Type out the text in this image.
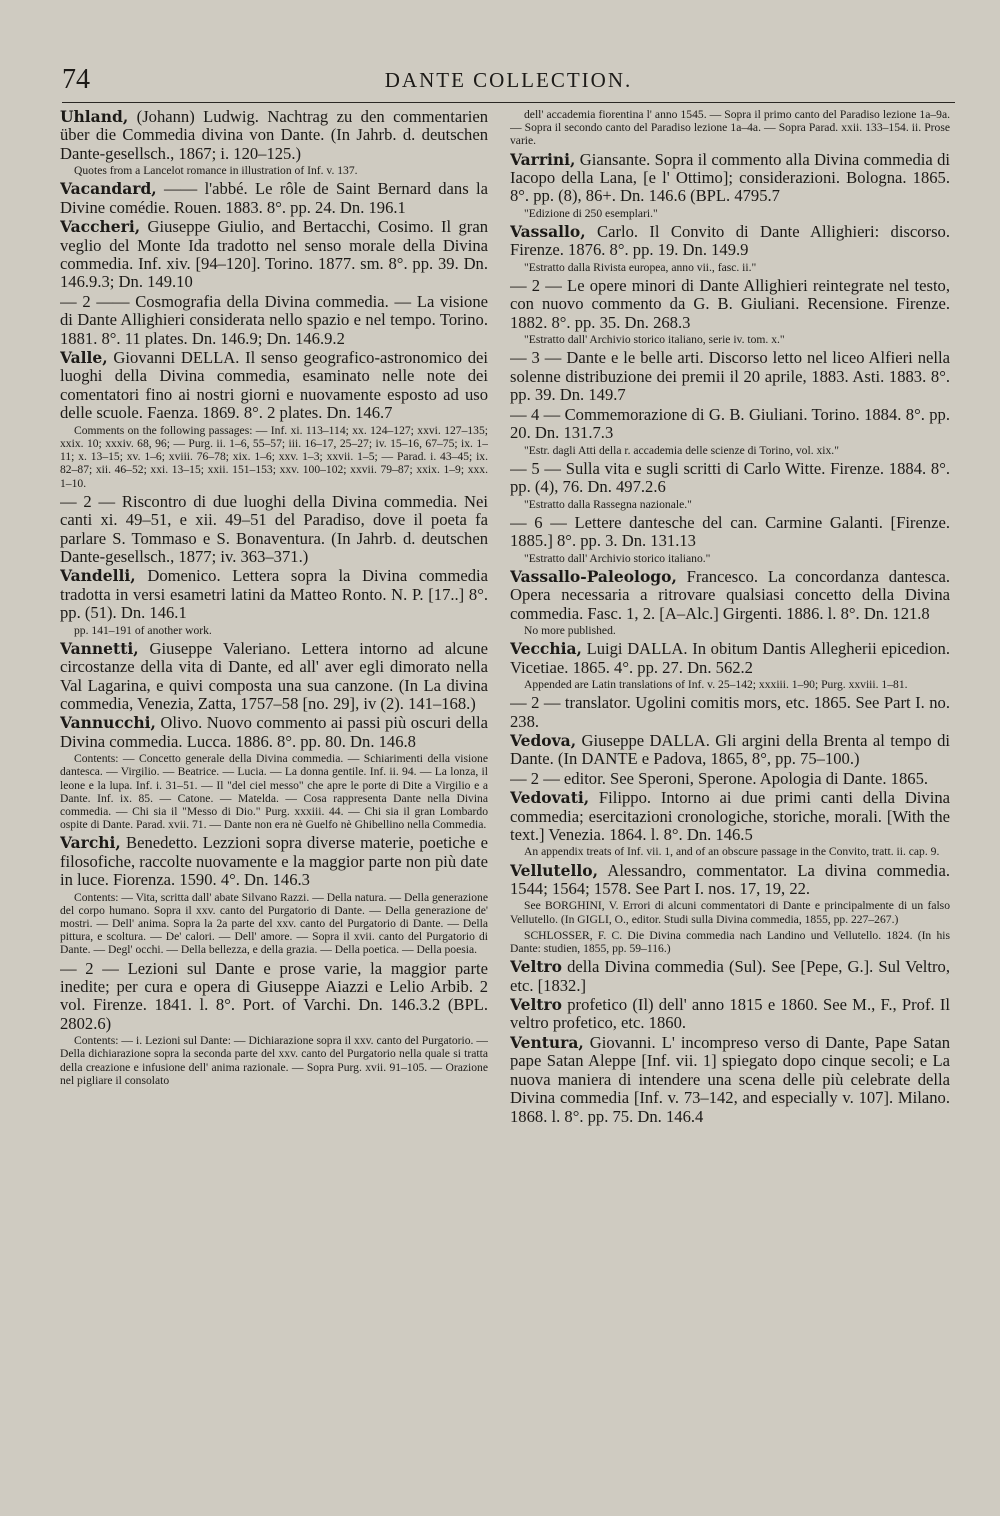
74	DANTE COLLECTION.

Uhland, (Johann) Ludwig. Nachtrag zu den commentarien über die Commedia divina von Dante. (In Jahrb. d. deutschen Dante-gesellsch., 1867; i. 120–125.)

Quotes from a Lancelot romance in illustration of Inf. v. 137.

Vacandard, —— l'abbé. Le rôle de Saint Bernard dans la Divine comédie. Rouen. 1883. 8°. pp. 24. Dn. 196.1

Vaccheri, Giuseppe Giulio, and Bertacchi, Cosimo. Il gran veglio del Monte Ida tradotto nel senso morale della Divina commedia. Inf. xiv. [94–120]. Torino. 1877. sm. 8°. pp. 39. Dn. 146.9.3; Dn. 149.10

— 2 —— Cosmografia della Divina commedia. — La visione di Dante Allighieri considerata nello spazio e nel tempo. Torino. 1881. 8°. 11 plates. Dn. 146.9; Dn. 146.9.2

Valle, Giovanni DELLA. Il senso geografico-astronomico dei luoghi della Divina commedia, esaminato nelle note dei comentatori fino ai nostri giorni e nuovamente esposto ad uso delle scuole. Faenza. 1869. 8°. 2 plates. Dn. 146.7

Comments on the following passages: — Inf. xi. 113–114; xx. 124–127; xxvi. 127–135; xxix. 10; xxxiv. 68, 96; — Purg. ii. 1–6, 55–57; iii. 16–17, 25–27; iv. 15–16, 67–75; ix. 1–11; x. 13–15; xv. 1–6; xviii. 76–78; xix. 1–6; xxv. 1–3; xxvii. 1–5; — Parad. i. 43–45; ix. 82–87; xii. 46–52; xxi. 13–15; xxii. 151–153; xxv. 100–102; xxvii. 79–87; xxix. 1–9; xxx. 1–10.

— 2 — Riscontro di due luoghi della Divina commedia. Nei canti xi. 49–51, e xii. 49–51 del Paradiso, dove il poeta fa parlare S. Tommaso e S. Bonaventura. (In Jahrb. d. deutschen Dante-gesellsch., 1877; iv. 363–371.)

Vandelli, Domenico. Lettera sopra la Divina commedia tradotta in versi esametri latini da Matteo Ronto. N. P. [17..] 8°. pp. (51). Dn. 146.1

pp. 141–191 of another work.

Vannetti, Giuseppe Valeriano. Lettera intorno ad alcune circostanze della vita di Dante, ed all' aver egli dimorato nella Val Lagarina, e quivi composta una sua canzone. (In La divina commedia, Venezia, Zatta, 1757–58 [no. 29], iv (2). 141–168.)

Vannucchi, Olivo. Nuovo commento ai passi più oscuri della Divina commedia. Lucca. 1886. 8°. pp. 80. Dn. 146.8

Contents: — Concetto generale della Divina commedia. — Schiarimenti della visione dantesca. — Virgilio. — Beatrice. — Lucia. — La donna gentile. Inf. ii. 94. — La lonza, il leone e la lupa. Inf. i. 31–51. — Il "del ciel messo" che apre le porte di Dite a Virgilio e a Dante. Inf. ix. 85. — Catone. — Matelda. — Cosa rappresenta Dante nella Divina commedia. — Chi sia il "Messo di Dio." Purg. xxxiii. 44. — Chi sia il gran Lombardo ospite di Dante. Parad. xvii. 71. — Dante non era nè Guelfo nè Ghibellino nella Commedia.

Varchi, Benedetto. Lezzioni sopra diverse materie, poetiche e filosofiche, raccolte nuovamente e la maggior parte non più date in luce. Fiorenza. 1590. 4°. Dn. 146.3

Contents: — Vita, scritta dall' abate Silvano Razzi. — Della natura. — Della generazione del corpo humano. Sopra il xxv. canto del Purgatorio di Dante. — Della generazione de' mostri. — Dell' anima. Sopra la 2a parte del xxv. canto del Purgatorio di Dante. — Della pittura, e scoltura. — De' calori. — Dell' amore. — Sopra il xvii. canto del Purgatorio di Dante. — Degl' occhi. — Della bellezza, e della grazia. — Della poetica. — Della poesia.

— 2 — Lezioni sul Dante e prose varie, la maggior parte inedite; per cura e opera di Giuseppe Aiazzi e Lelio Arbib. 2 vol. Firenze. 1841. l. 8°. Port. of Varchi. Dn. 146.3.2 (BPL. 2802.6)

Contents: — i. Lezioni sul Dante: — Dichiarazione sopra il xxv. canto del Purgatorio. — Della dichiarazione sopra la seconda parte del xxv. canto del Purgatorio nella quale si tratta della creazione e infusione dell' anima razionale. — Sopra Purg. xvii. 91–105. — Orazione nel pigliare il consolato

dell' accademia fiorentina l' anno 1545. — Sopra il primo canto del Paradiso lezione 1a–9a. — Sopra il secondo canto del Paradiso lezione 1a–4a. — Sopra Parad. xxii. 133–154. ii. Prose varie.

Varrini, Giansante. Sopra il commento alla Divina commedia di Iacopo della Lana, [e l' Ottimo]; considerazioni. Bologna. 1865. 8°. pp. (8), 86+. Dn. 146.6 (BPL. 4795.7

"Edizione di 250 esemplari."

Vassallo, Carlo. Il Convito di Dante Allighieri: discorso. Firenze. 1876. 8°. pp. 19. Dn. 149.9

"Estratto dalla Rivista europea, anno vii., fasc. ii."

— 2 — Le opere minori di Dante Allighieri reintegrate nel testo, con nuovo commento da G. B. Giuliani. Recensione. Firenze. 1882. 8°. pp. 35. Dn. 268.3

"Estratto dall' Archivio storico italiano, serie iv. tom. x."

— 3 — Dante e le belle arti. Discorso letto nel liceo Alfieri nella solenne distribuzione dei premii il 20 aprile, 1883. Asti. 1883. 8°. pp. 39. Dn. 149.7

— 4 — Commemorazione di G. B. Giuliani. Torino. 1884. 8°. pp. 20. Dn. 131.7.3

"Estr. dagli Atti della r. accademia delle scienze di Torino, vol. xix."

— 5 — Sulla vita e sugli scritti di Carlo Witte. Firenze. 1884. 8°. pp. (4), 76. Dn. 497.2.6

"Estratto dalla Rassegna nazionale."

— 6 — Lettere dantesche del can. Carmine Galanti. [Firenze. 1885.] 8°. pp. 3. Dn. 131.13

"Estratto dall' Archivio storico italiano."

Vassallo-Paleologo, Francesco. La concordanza dantesca. Opera necessaria a ritrovare qualsiasi concetto della Divina commedia. Fasc. 1, 2. [A–Alc.] Girgenti. 1886. l. 8°. Dn. 121.8

No more published.

Vecchia, Luigi DALLA. In obitum Dantis Allegherii epicedion. Vicetiae. 1865. 4°. pp. 27. Dn. 562.2

Appended are Latin translations of Inf. v. 25–142; xxxiii. 1–90; Purg. xxviii. 1–81.

— 2 — translator. Ugolini comitis mors, etc. 1865. See Part I. no. 238.

Vedova, Giuseppe DALLA. Gli argini della Brenta al tempo di Dante. (In DANTE e Padova, 1865, 8°, pp. 75–100.)

— 2 — editor. See Speroni, Sperone. Apologia di Dante. 1865.

Vedovati, Filippo. Intorno ai due primi canti della Divina commedia; esercitazioni cronologiche, storiche, morali. [With the text.] Venezia. 1864. l. 8°. Dn. 146.5

An appendix treats of Inf. vii. 1, and of an obscure passage in the Convito, tratt. ii. cap. 9.

Vellutello, Alessandro, commentator. La divina commedia. 1544; 1564; 1578. See Part I. nos. 17, 19, 22.

See BORGHINI, V. Errori di alcuni commentatori di Dante e principalmente di un falso Vellutello. (In GIGLI, O., editor. Studi sulla Divina commedia, 1855, pp. 227–267.)

SCHLOSSER, F. C. Die Divina commedia nach Landino und Vellutello. 1824. (In his Dante: studien, 1855, pp. 59–116.)

Veltro della Divina commedia (Sul). See [Pepe, G.]. Sul Veltro, etc. [1832.]

Veltro profetico (Il) dell' anno 1815 e 1860. See M., F., Prof. Il veltro profetico, etc. 1860.

Ventura, Giovanni. L' incompreso verso di Dante, Pape Satan pape Satan Aleppe [Inf. vii. 1] spiegato dopo cinque secoli; e La nuova maniera di intendere una scena delle più celebrate della Divina commedia [Inf. v. 73–142, and especially v. 107]. Milano. 1868. l. 8°. pp. 75. Dn. 146.4
